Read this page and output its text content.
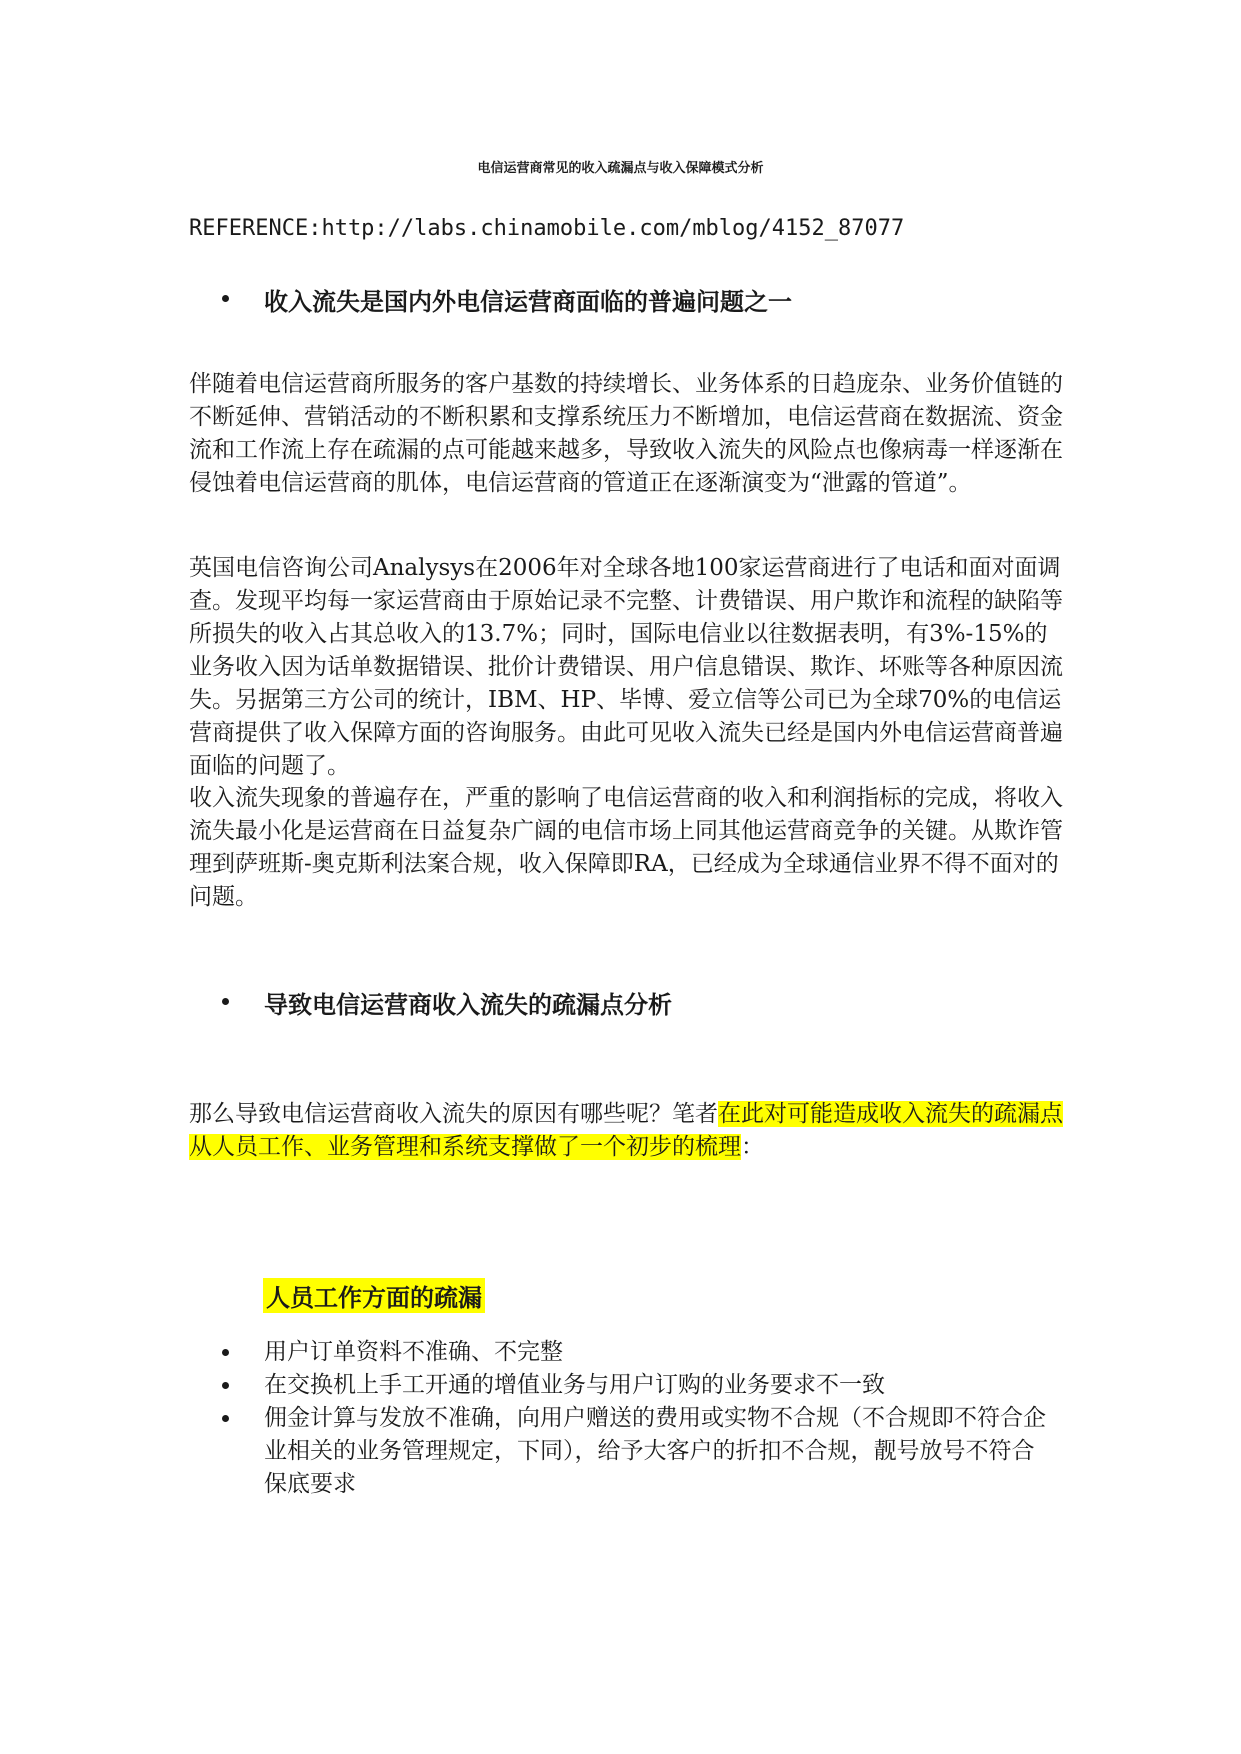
电信运营商常见的收入疏漏点与收入保障模式分析
REFERENCE:http://labs.chinamobile.com/mblog/4152_87077
收入流失是国内外电信运营商面临的普遍问题之一

伴随着电信运营商所服务的客户基数的持续增长、业务体系的日趋庞杂、业务价值链的不断延伸、营销活动的不断积累和支撑系统压力不断增加，电信运营商在数据流、资金流和工作流上存在疏漏的点可能越来越多，导致收入流失的风险点也像病毒一样逐渐在侵蚀着电信运营商的肌体，电信运营商的管道正在逐渐演变为“泄露的管道”。

英国电信咨询公司Analysys在2006年对全球各地100家运营商进行了电话和面对面调查。发现平均每一家运营商由于原始记录不完整、计费错误、用户欺诈和流程的缺陷等所损失的收入占其总收入的13.7%；同时，国际电信业以往数据表明，有3%-15%的业务收入因为话单数据错误、批价计费错误、用户信息错误、欺诈、坏账等各种原因流失。另据第三方公司的统计，IBM、HP、毕博、爱立信等公司已为全球70%的电信运营商提供了收入保障方面的咨询服务。由此可见收入流失已经是国内外电信运营商普遍面临的问题了。

收入流失现象的普遍存在，严重的影响了电信运营商的收入和利润指标的完成，将收入流失最小化是运营商在日益复杂广阔的电信市场上同其他运营商竞争的关键。从欺诈管理到萨班斯-奥克斯利法案合规，收入保障即RA，已经成为全球通信业界不得不面对的问题。

导致电信运营商收入流失的疏漏点分析

那么导致电信运营商收入流失的原因有哪些呢？笔者在此对可能造成收入流失的疏漏点从人员工作、业务管理和系统支撑做了一个初步的梳理：

人员工作方面的疏漏
用户订单资料不准确、不完整
在交换机上手工开通的增值业务与用户订购的业务要求不一致
佣金计算与发放不准确，向用户赠送的费用或实物不合规（不合规即不符合企业相关的业务管理规定，下同），给予大客户的折扣不合规，靓号放号不符合保底要求
